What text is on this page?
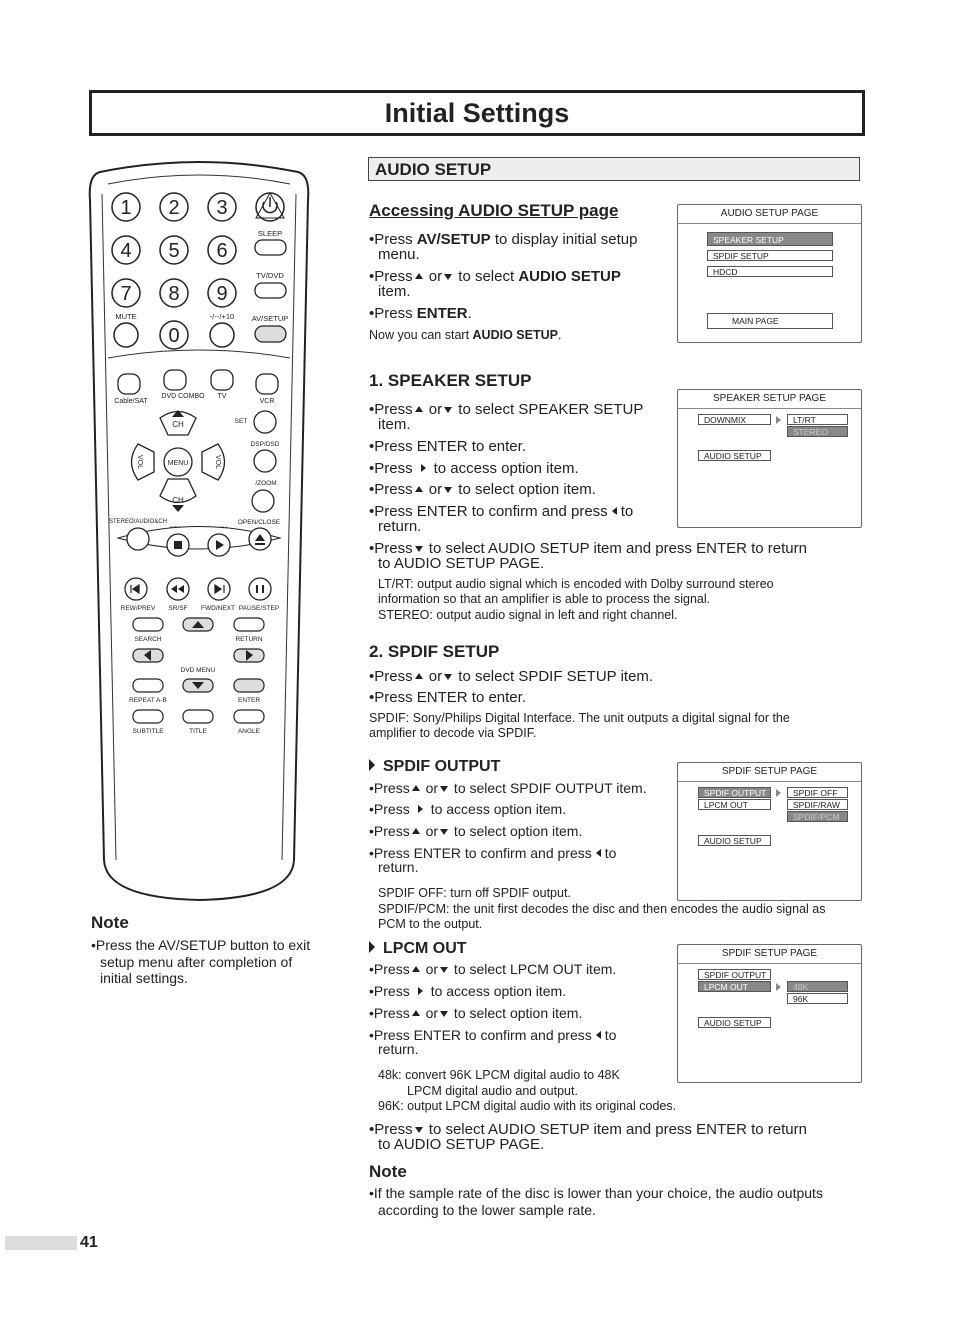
Initial Settings
AUDIO SETUP
Accessing AUDIO SETUP page
•Press AV/SETUP to display initial setup
menu.
•Press or to select AUDIO SETUP
item.
•Press ENTER.
Now you can start AUDIO SETUP.
AUDIO SETUP PAGE
SPEAKER SETUP
SPDIF SETUP
HDCD
MAIN PAGE
1. SPEAKER SETUP
•Press or to select SPEAKER SETUP
item.
•Press ENTER to enter.
•Press to access option item.
•Press or to select option item.
•Press ENTER to confirm and press to
return.
•Press to select AUDIO SETUP item and press ENTER to return
to AUDIO SETUP PAGE.
LT/RT: output audio signal which is encoded with Dolby surround stereo
information so that an amplifier is able to process the signal.
STEREO: output audio signal in left and right channel.
SPEAKER SETUP PAGE
DOWNMIX	LT/RT
STEREO
AUDIO SETUP
2. SPDIF SETUP
•Press or to select SPDIF SETUP item.
•Press ENTER to enter.
SPDIF: Sony/Philips Digital Interface. The unit outputs a digital signal for the
amplifier to decode via SPDIF.
SPDIF OUTPUT
•Press or to select SPDIF OUTPUT item.
•Press to access option item.
•Press or to select option item.
•Press ENTER to confirm and press to
return.
SPDIF OFF: turn off SPDIF output.
SPDIF/PCM: the unit first decodes the disc and then encodes the audio signal as
PCM to the output.
SPDIF SETUP PAGE
SPDIF OUTPUT
LPCM OUT
SPDIF OFF
SPDIF/RAW
SPDIF/PCM
AUDIO SETUP
LPCM OUT
•Press or to select LPCM OUT item.
•Press to access option item.
•Press or to select option item.
•Press ENTER to confirm and press to
return.
48k: convert 96K LPCM digital audio to 48K
LPCM digital audio and output.
96K: output LPCM digital audio with its original codes.
•Press to select AUDIO SETUP item and press ENTER to return
to AUDIO SETUP PAGE.
SPDIF SETUP PAGE
SPDIF OUTPUT
LPCM OUT	48K
96K
AUDIO SETUP
Note
•If the sample rate of the disc is lower than your choice, the audio outputs
according to the lower sample rate.
Note
•Press the AV/SETUP button to exit
setup menu after completion of
initial settings.
41
1 2 3
4 5 6
7 8 9
0
SLEEP
TV/DVD
MUTE	-/--/+10 AV/SETUP
Cable/SAT
DVD COMBO TV
VCR
CH
CH
MENU
VOL	VOL
SET
DSP/DSD
/ZOOM
OPEN/CLOSE
STEREO/AUDIO&CH
REW/PREV SR/SF FWD/NEXT PAUSE/STEP
SEARCH	RETURN
DVD MENU
REPEAT A-B	ENTER
SUBTITLE	TITLE	ANGLE
